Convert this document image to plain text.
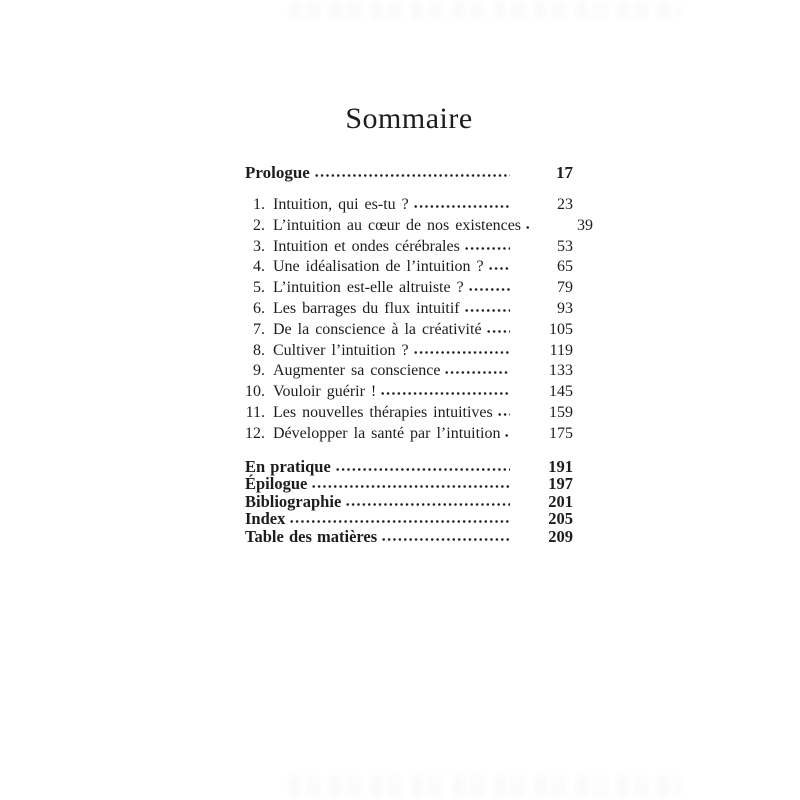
Sommaire
Prologue	17
1. Intuition, qui es-tu ?	23
2. L’intuition au cœur de nos existences	39
3. Intuition et ondes cérébrales	53
4. Une idéalisation de l’intuition ?	65
5. L’intuition est-elle altruiste ?	79
6. Les barrages du flux intuitif	93
7. De la conscience à la créativité	105
8. Cultiver l’intuition ?	119
9. Augmenter sa conscience	133
10. Vouloir guérir !	145
11. Les nouvelles thérapies intuitives	159
12. Développer la santé par l’intuition	175
En pratique	191
Épilogue	197
Bibliographie	201
Index	205
Table des matières	209
